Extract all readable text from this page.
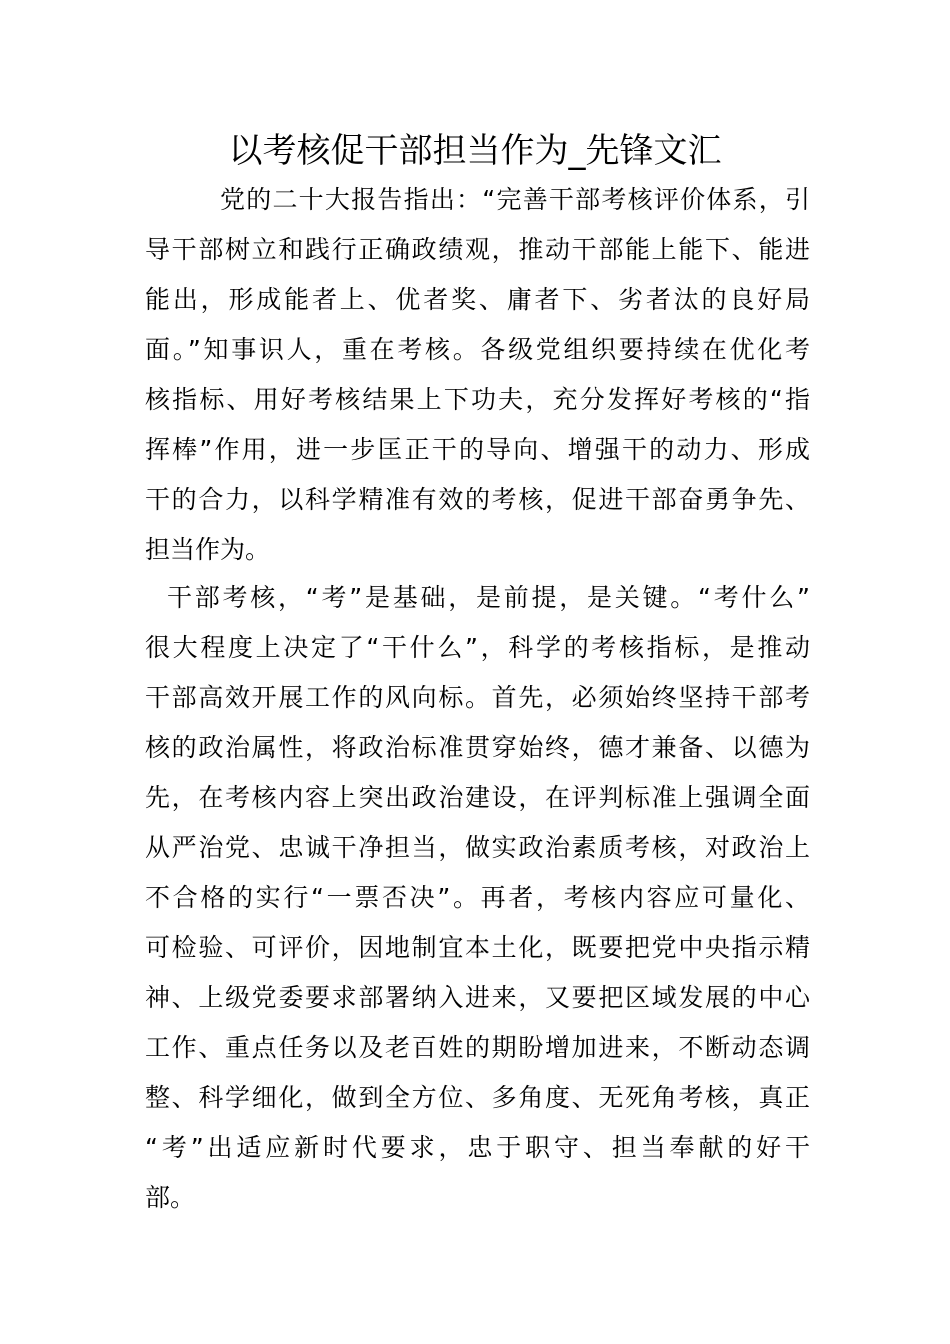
以考核促干部担当作为_先锋文汇
党的二十大报告指出：“完善干部考核评价体系，引
导干部树立和践行正确政绩观，推动干部能上能下、能进
能出，形成能者上、优者奖、庸者下、劣者汰的良好局
面。”知事识人，重在考核。各级党组织要持续在优化考
核指标、用好考核结果上下功夫，充分发挥好考核的“指
挥棒”作用，进一步匡正干的导向、增强干的动力、形成
干的合力，以科学精准有效的考核，促进干部奋勇争先、
担当作为。
干部考核，“考”是基础，是前提，是关键。“考什么”
很大程度上决定了“干什么”，科学的考核指标，是推动
干部高效开展工作的风向标。首先，必须始终坚持干部考
核的政治属性，将政治标准贯穿始终，德才兼备、以德为
先，在考核内容上突出政治建设，在评判标准上强调全面
从严治党、忠诚干净担当，做实政治素质考核，对政治上
不合格的实行“一票否决”。再者，考核内容应可量化、
可检验、可评价，因地制宜本土化，既要把党中央指示精
神、上级党委要求部署纳入进来，又要把区域发展的中心
工作、重点任务以及老百姓的期盼增加进来，不断动态调
整、科学细化，做到全方位、多角度、无死角考核，真正
“考”出适应新时代要求，忠于职守、担当奉献的好干
部。
